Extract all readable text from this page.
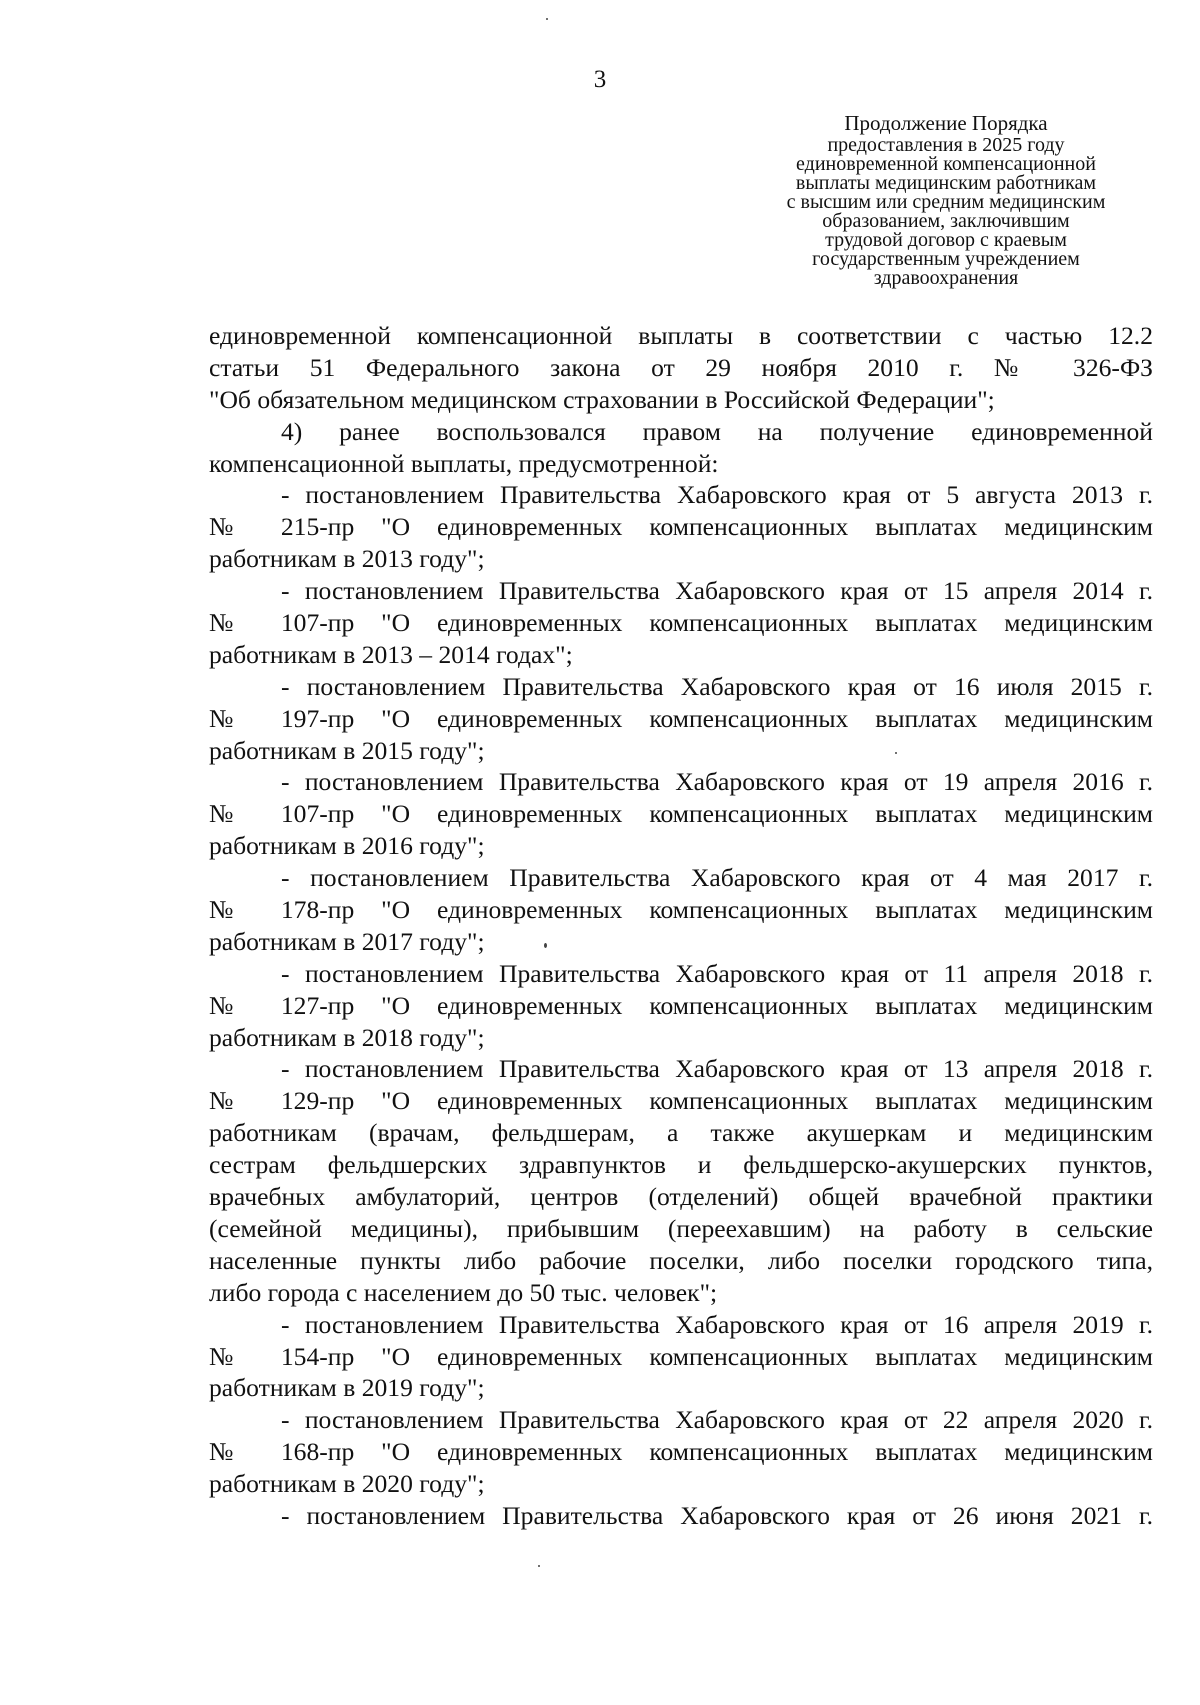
3
Продолжение Порядка
предоставления в 2025 году
единовременной компенсационной
выплаты медицинским работникам
с высшим или средним медицинским
образованием, заключившим
трудовой договор с краевым
государственным учреждением
здравоохранения
единовременной компенсационной выплаты в соответствии с частью 12.2
статьи 51 Федерального закона от 29 ноября 2010 г. № 326-ФЗ
"Об обязательном медицинском страховании в Российской Федерации";
4) ранее воспользовался правом на получение единовременной
компенсационной выплаты, предусмотренной:
- постановлением Правительства Хабаровского края от 5 августа 2013 г.
№ 215-пр "О единовременных компенсационных выплатах медицинским
работникам в 2013 году";
- постановлением Правительства Хабаровского края от 15 апреля 2014 г.
№ 107-пр "О единовременных компенсационных выплатах медицинским
работникам в 2013 – 2014 годах";
- постановлением Правительства Хабаровского края от 16 июля 2015 г.
№ 197-пр "О единовременных компенсационных выплатах медицинским
работникам в 2015 году";
- постановлением Правительства Хабаровского края от 19 апреля 2016 г.
№ 107-пр "О единовременных компенсационных выплатах медицинским
работникам в 2016 году";
- постановлением Правительства Хабаровского края от 4 мая 2017 г.
№ 178-пр "О единовременных компенсационных выплатах медицинским
работникам в 2017 году";
- постановлением Правительства Хабаровского края от 11 апреля 2018 г.
№ 127-пр "О единовременных компенсационных выплатах медицинским
работникам в 2018 году";
- постановлением Правительства Хабаровского края от 13 апреля 2018 г.
№ 129-пр "О единовременных компенсационных выплатах медицинским
работникам (врачам, фельдшерам, а также акушеркам и медицинским
сестрам фельдшерских здравпунктов и фельдшерско-акушерских пунктов,
врачебных амбулаторий, центров (отделений) общей врачебной практики
(семейной медицины), прибывшим (переехавшим) на работу в сельские
населенные пункты либо рабочие поселки, либо поселки городского типа,
либо города с населением до 50 тыс. человек";
- постановлением Правительства Хабаровского края от 16 апреля 2019 г.
№ 154-пр "О единовременных компенсационных выплатах медицинским
работникам в 2019 году";
- постановлением Правительства Хабаровского края от 22 апреля 2020 г.
№ 168-пр "О единовременных компенсационных выплатах медицинским
работникам в 2020 году";
- постановлением Правительства Хабаровского края от 26 июня 2021 г.
